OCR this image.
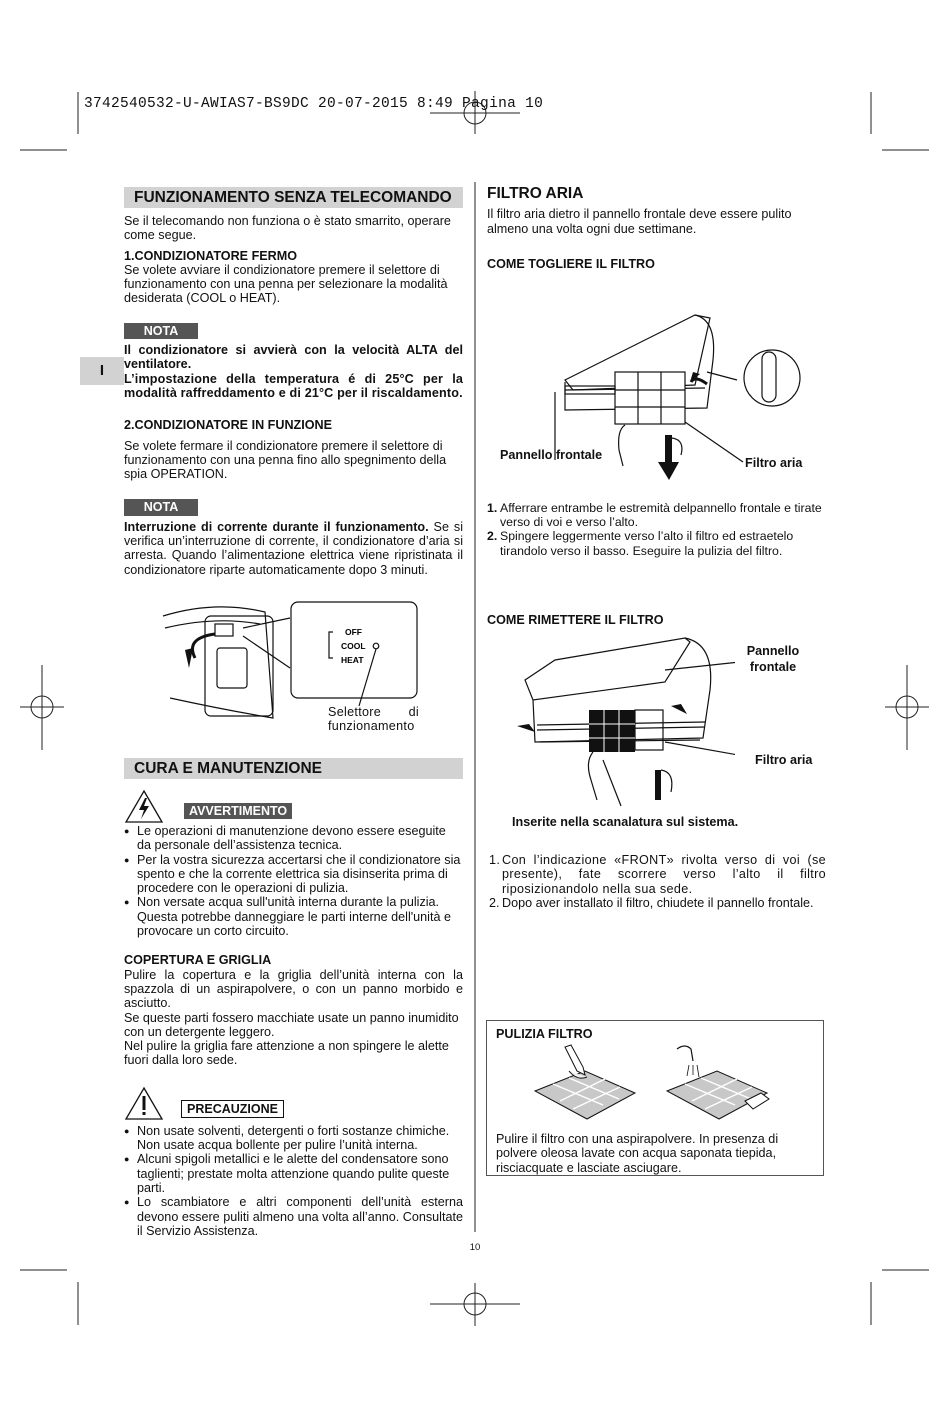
3742540532-U-AWIAS7-BS9DC 20-07-2015 8:49 Pagina 10
I
FUNZIONAMENTO SENZA TELECOMANDO

Se il telecomando non funziona o è stato smarrito, operare come segue.

1.CONDIZIONATORE FERMO

Se volete avviare il condizionatore premere il selettore di funzionamento con una penna per selezionare la modalità desiderata (COOL o HEAT).

NOTA

Il condizionatore si avvierà con la velocità ALTA del ventilatore.

L’impostazione della temperatura é di 25°C per la modalità raffreddamento e di 21°C per il riscaldamento.

2.CONDIZIONATORE IN FUNZIONE

Se volete fermare il condizionatore premere il selettore di funzionamento con una penna fino allo spegnimento della spia OPERATION.

NOTA

Interruzione di corrente durante il funzionamento. Se si verifica un’interruzione di corrente, il condizionatore d’aria si arresta. Quando l’alimentazione elettrica viene ripristinata il condizionatore riparte automaticamente dopo 3 minuti.

OFF
COOL
HEAT
Selettore di
funzionamento
CURA E MANUTENZIONE
AVVERTIMENTO
● Le operazioni di manutenzione devono essere eseguite da personale dell’assistenza tecnica.
● Per la vostra sicurezza accertarsi che il condizionatore sia spento e che la corrente elettrica sia disinserita prima di procedere con le operazioni di pulizia.
● Non versate acqua sull'unità interna durante la pulizia. Questa potrebbe danneggiare le parti interne dell'unità e provocare un corto circuito.

COPERTURA E GRIGLIA

Pulire la copertura e la griglia dell’unità interna con la spazzola di un aspirapolvere, o con un panno morbido e asciutto.

Se queste parti fossero macchiate usate un panno inumidito con un detergente leggero.

Nel pulire la griglia fare attenzione a non spingere le alette fuori dalla loro sede.

PRECAUZIONE
● Non usate solventi, detergenti o forti sostanze chimiche. Non usate acqua bollente per pulire l’unità interna.
● Alcuni spigoli metallici e le alette del condensatore sono taglienti; prestate molta attenzione quando pulite queste parti.
● Lo scambiatore e altri componenti dell’unità esterna devono essere puliti almeno una volta all’anno. Consultate il Servizio Assistenza.
FILTRO ARIA

Il filtro aria dietro il pannello frontale deve essere pulito almeno una volta ogni due settimane.

COME TOGLIERE IL FILTRO

Pannello frontale
Filtro aria
1. Afferrare entrambe le estremità delpannello frontale e tirate verso di voi e verso l’alto.
2. Spingere leggermente verso l’alto il filtro ed estraetelo tirandolo verso il basso. Eseguire la pulizia del filtro.
COME RIMETTERE IL FILTRO
Pannello
frontale
Filtro aria
Inserite nella scanalatura sul sistema.
1. Con l’indicazione «FRONT» rivolta verso di voi (se presente), fate scorrere verso l’alto il filtro riposizionandolo nella sua sede.
2. Dopo aver installato il filtro, chiudete il pannello frontale.
PULIZIA FILTRO
Pulire il filtro con una aspirapolvere. In presenza di polvere oleosa lavate con acqua saponata tiepida, risciacquate e lasciate asciugare.
10
